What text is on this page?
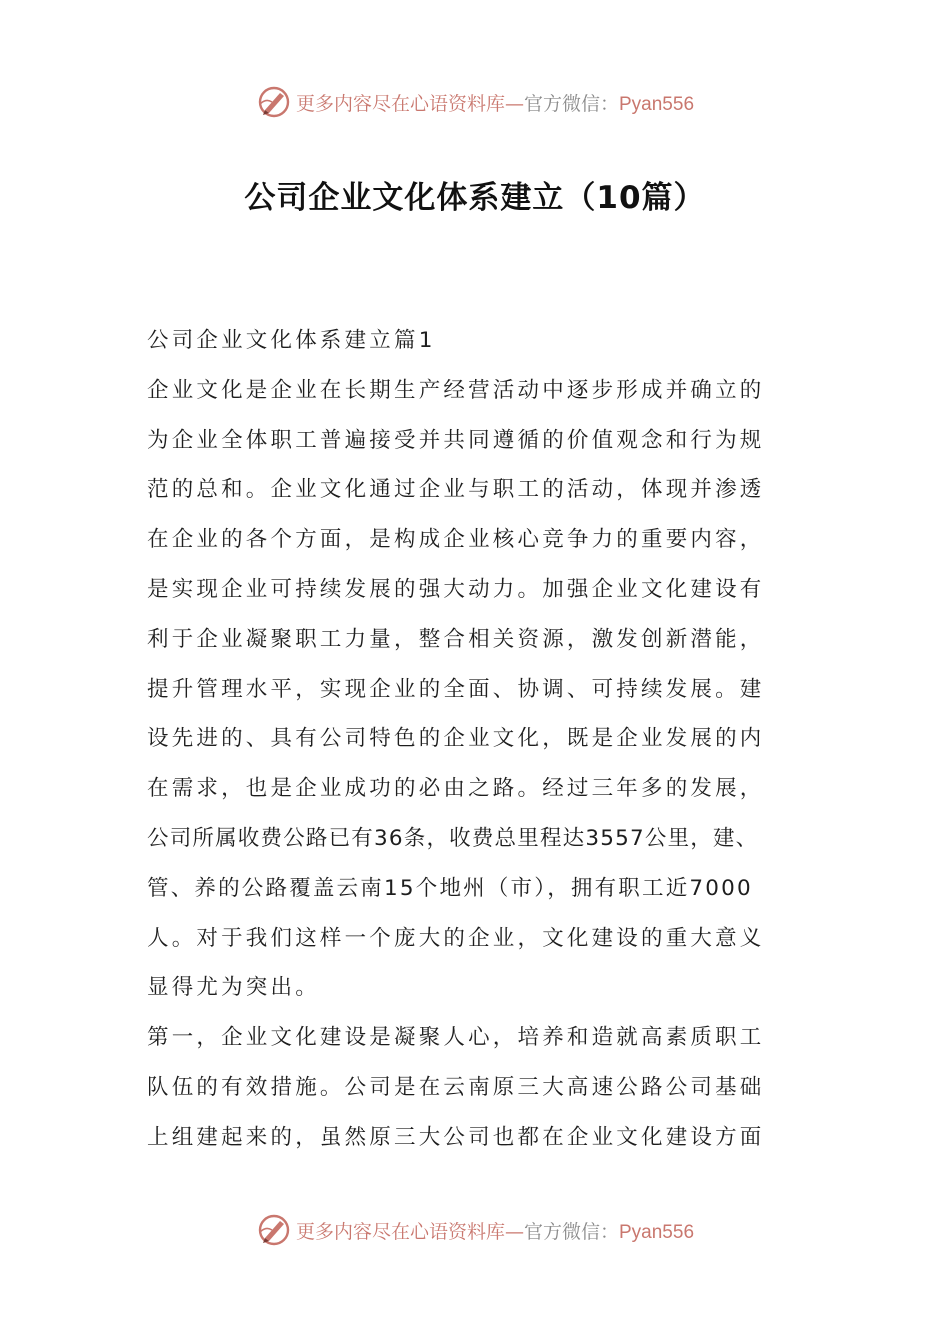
更多内容尽在心语资料库—官方微信：Pyan556
公司企业文化体系建立（10篇）

公司企业文化体系建立篇1

企业文化是企业在长期生产经营活动中逐步形成并确立的
为企业全体职工普遍接受并共同遵循的价值观念和行为规
范的总和。企业文化通过企业与职工的活动，体现并渗透
在企业的各个方面，是构成企业核心竞争力的重要内容，
是实现企业可持续发展的强大动力。加强企业文化建设有
利于企业凝聚职工力量，整合相关资源，激发创新潜能，
提升管理水平，实现企业的全面、协调、可持续发展。建
设先进的、具有公司特色的企业文化，既是企业发展的内
在需求，也是企业成功的必由之路。经过三年多的发展，
公司所属收费公路已有36条，收费总里程达3557公里，建、
管、养的公路覆盖云南15个地州（市），拥有职工近7000
人。对于我们这样一个庞大的企业，文化建设的重大意义
显得尤为突出。

第一，企业文化建设是凝聚人心，培养和造就高素质职工
队伍的有效措施。公司是在云南原三大高速公路公司基础
上组建起来的，虽然原三大公司也都在企业文化建设方面

更多内容尽在心语资料库—官方微信：Pyan556
